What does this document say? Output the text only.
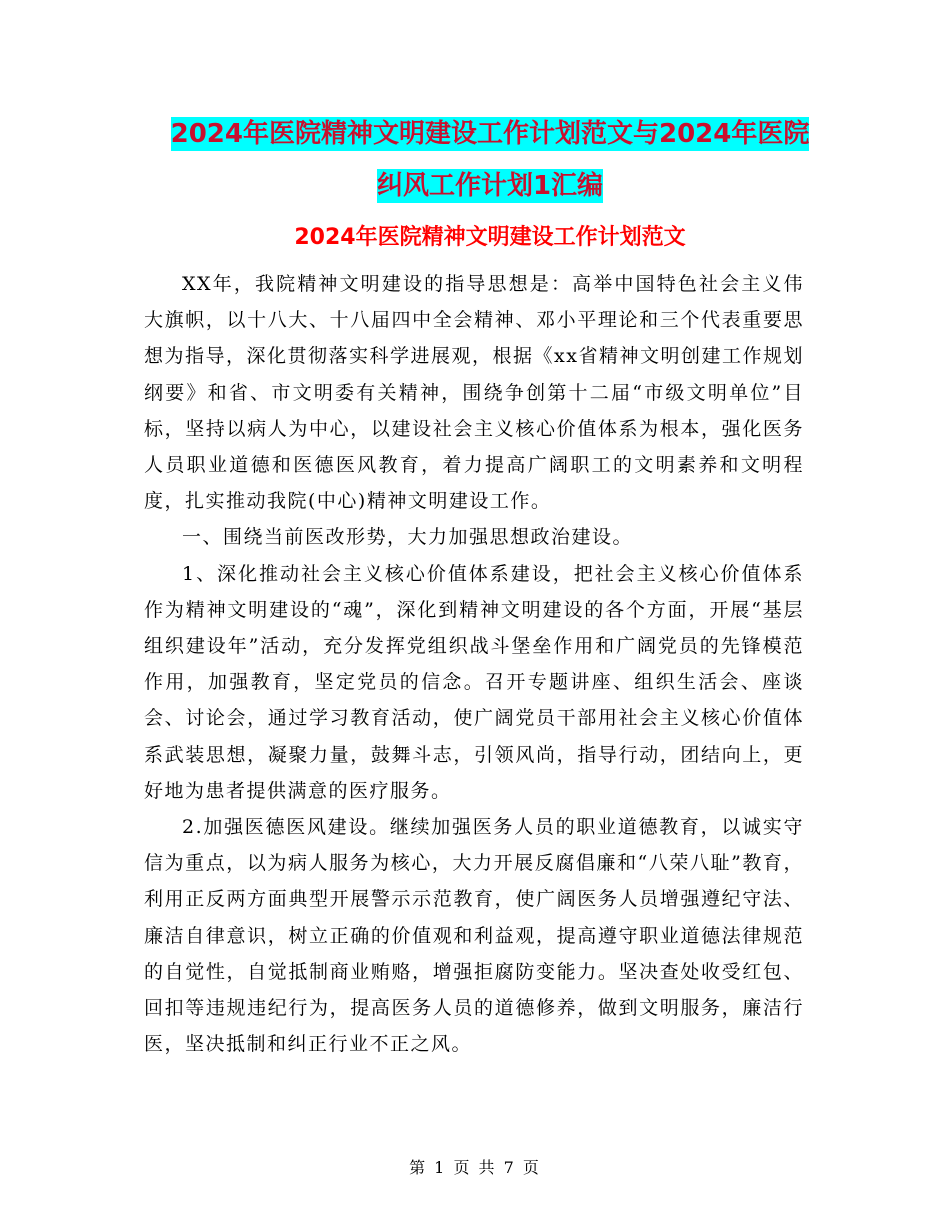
2024年医院精神文明建设工作计划范文与2024年医院
纠风工作计划1汇编
2024年医院精神文明建设工作计划范文

XX年，我院精神文明建设的指导思想是：高举中国特色社会主义伟大旗帜，以十八大、十八届四中全会精神、邓小平理论和三个代表重要思想为指导，深化贯彻落实科学进展观，根据《xx省精神文明创建工作规划纲要》和省、市文明委有关精神，围绕争创第十二届“市级文明单位”目标，坚持以病人为中心，以建设社会主义核心价值体系为根本，强化医务人员职业道德和医德医风教育，着力提高广阔职工的文明素养和文明程度，扎实推动我院(中心)精神文明建设工作。

一、围绕当前医改形势，大力加强思想政治建设。

1、深化推动社会主义核心价值体系建设，把社会主义核心价值体系作为精神文明建设的“魂”，深化到精神文明建设的各个方面，开展“基层组织建设年”活动，充分发挥党组织战斗堡垒作用和广阔党员的先锋模范作用，加强教育，坚定党员的信念。召开专题讲座、组织生活会、座谈会、讨论会，通过学习教育活动，使广阔党员干部用社会主义核心价值体系武装思想，凝聚力量，鼓舞斗志，引领风尚，指导行动，团结向上，更好地为患者提供满意的医疗服务。

2.加强医德医风建设。继续加强医务人员的职业道德教育，以诚实守信为重点，以为病人服务为核心，大力开展反腐倡廉和“八荣八耻”教育，利用正反两方面典型开展警示示范教育，使广阔医务人员增强遵纪守法、廉洁自律意识，树立正确的价值观和利益观，提高遵守职业道德法律规范的自觉性，自觉抵制商业贿赂，增强拒腐防变能力。坚决查处收受红包、回扣等违规违纪行为，提高医务人员的道德修养，做到文明服务，廉洁行医，坚决抵制和纠正行业不正之风。

第 1 页 共 7 页
